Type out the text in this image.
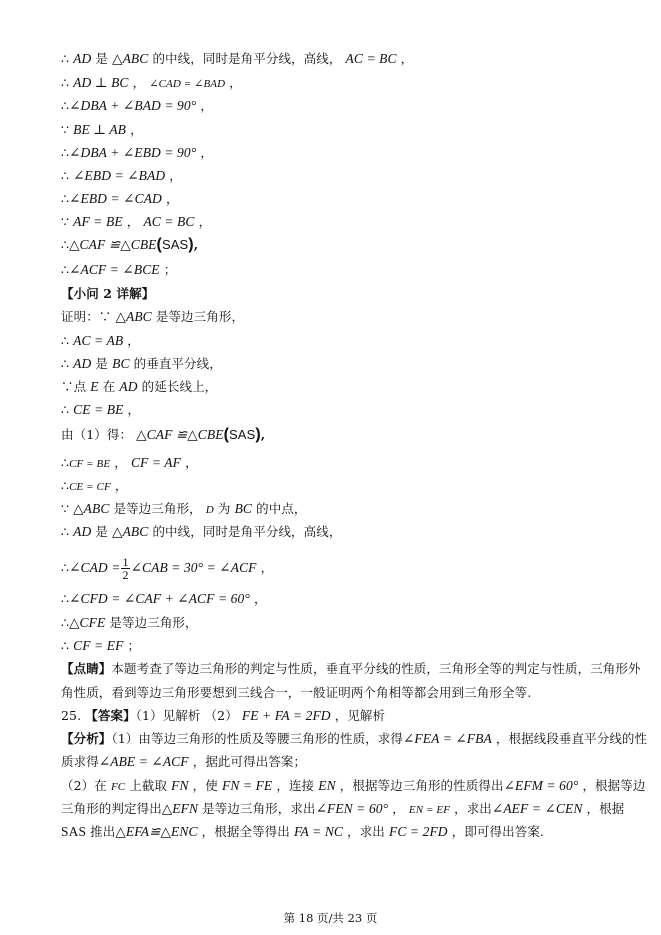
∴ AD 是 △ABC 的中线，同时是角平分线，高线， AC = BC ，
∴ AD ⊥ BC ， ∠CAD = ∠BAD ，
∴∠DBA + ∠BAD = 90° ，
∵ BE ⊥ AB ，
∴∠DBA + ∠EBD = 90° ，
∴ ∠EBD = ∠BAD ，
∴∠EBD = ∠CAD ，
∵ AF = BE ， AC = BC ，
∴△CAF ≌△CBE(SAS),
∴∠ACF = ∠BCE ；
【小问 2 详解】
证明：∵ △ABC 是等边三角形，
∴ AC = AB ，
∴ AD 是 BC 的垂直平分线，
∵点 E 在 AD 的延长线上，
∴ CE = BE ，
由（1）得： △CAF ≌△CBE(SAS),
∴CF = BE ， CF = AF ，
∴CE = CF ，
∵ △ABC 是等边三角形， D 为 BC 的中点，
∴ AD 是 △ABC 的中线，同时是角平分线，高线，
∴∠CAD = $\frac{1}{2}$ ∠CAB = 30° = ∠ACF ，
∴∠CFD = ∠CAF + ∠ACF = 60° ，
∴△CFE 是等边三角形，
∴ CF = EF ；
【点睛】本题考查了等边三角形的判定与性质，垂直平分线的性质，三角形全等的判定与性质，三角形外
角性质，看到等边三角形要想到三线合一，一般证明两个角相等都会用到三角形全等.
25. 【答案】（1）见解析 （2） FE + FA = 2FD ，见解析
【分析】（1）由等边三角形的性质及等腰三角形的性质，求得∠FEA = ∠FBA ，根据线段垂直平分线的性
质求得∠ABE = ∠ACF ，据此可得出答案；
（2）在 FC 上截取 FN ，使 FN = FE ，连接 EN ，根据等边三角形的性质得出∠EFM = 60° ，根据等边
三角形的判定得出△EFN 是等边三角形，求出∠FEN = 60° ， EN = EF ，求出∠AEF = ∠CEN ，根据
SAS 推出△EFA≌△ENC ，根据全等得出 FA = NC ，求出 FC = 2FD ，即可得出答案.
第 18 页/共 23 页
